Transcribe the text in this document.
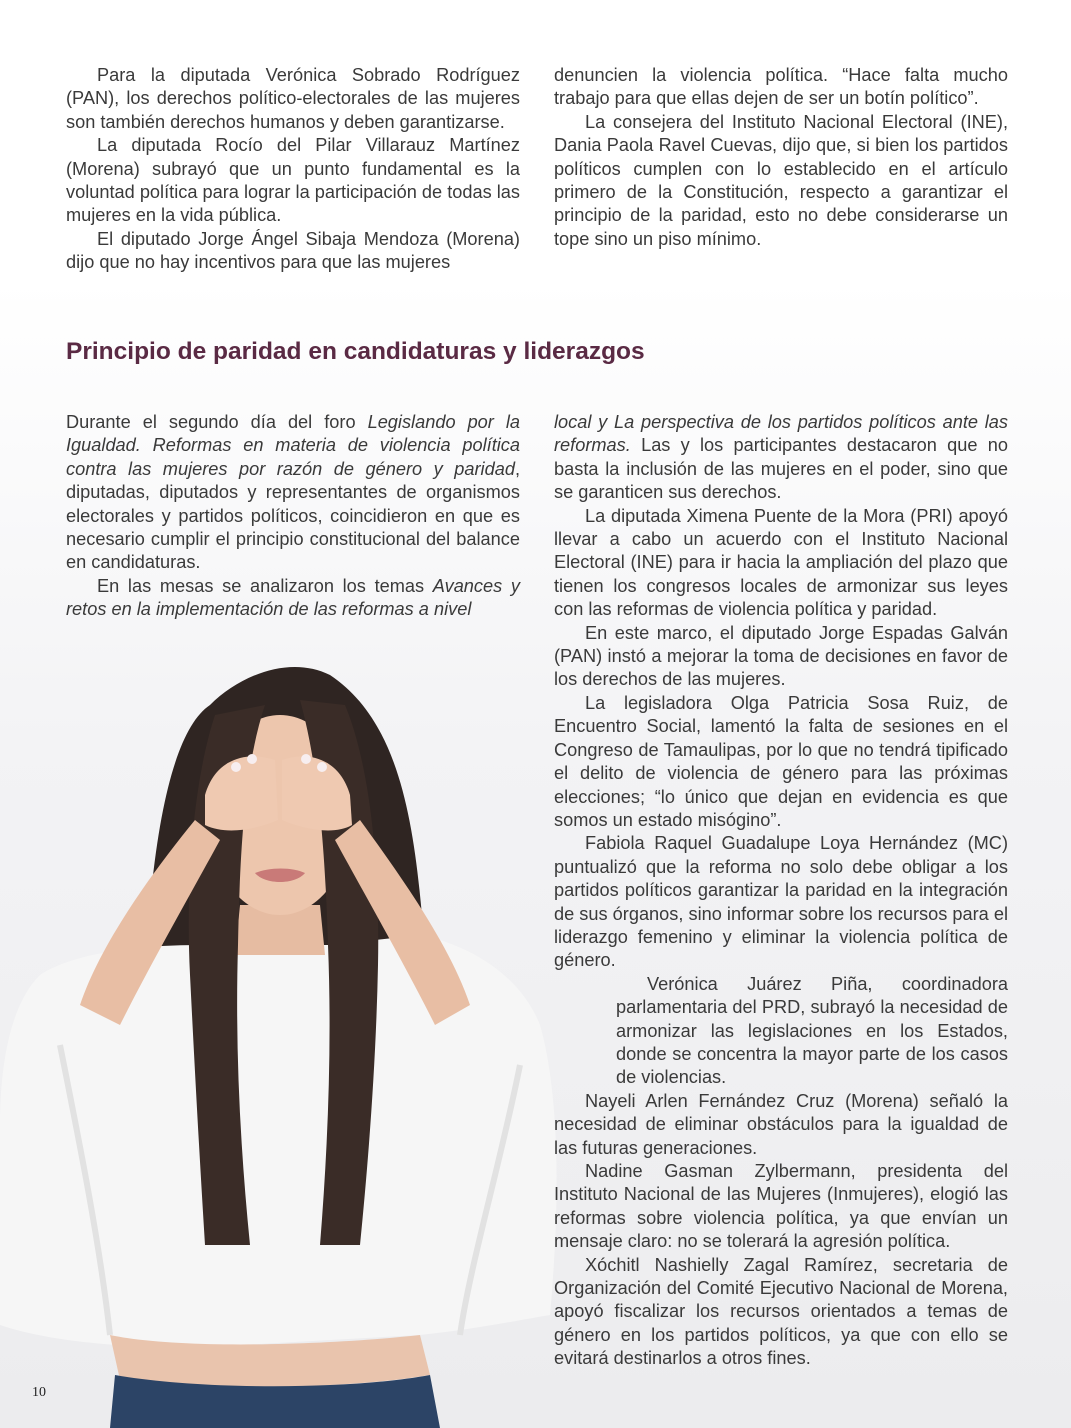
Para la diputada Verónica Sobrado Rodríguez (PAN), los derechos político-electorales de las mujeres son también derechos humanos y deben garantizarse.

La diputada Rocío del Pilar Villarauz Martínez (Morena) subrayó que un punto fundamental es la voluntad política para lograr la participación de todas las mujeres en la vida pública.

El diputado Jorge Ángel Sibaja Mendoza (Morena) dijo que no hay incentivos para que las mujeres

denuncien la violencia política. “Hace falta mucho trabajo para que ellas dejen de ser un botín político”.

La consejera del Instituto Nacional Electoral (INE), Dania Paola Ravel Cuevas, dijo que, si bien los partidos políticos cumplen con lo establecido en el artículo primero de la Constitución, respecto a garantizar el principio de la paridad, esto no debe considerarse un tope sino un piso mínimo.

Principio de paridad en candidaturas y liderazgos

Durante el segundo día del foro Legislando por la Igualdad. Reformas en materia de violencia política contra las mujeres por razón de género y paridad, diputadas, diputados y representantes de organismos electorales y partidos políticos, coincidieron en que es necesario cumplir el principio constitucional del balance en candidaturas.

En las mesas se analizaron los temas Avances y retos en la implementación de las reformas a nivel

local y La perspectiva de los partidos políticos ante las reformas. Las y los participantes destacaron que no basta la inclusión de las mujeres en el poder, sino que se garanticen sus derechos.

La diputada Ximena Puente de la Mora (PRI) apoyó llevar a cabo un acuerdo con el Instituto Nacional Electoral (INE) para ir hacia la ampliación del plazo que tienen los congresos locales de armonizar sus leyes con las reformas de violencia política y paridad.

En este marco, el diputado Jorge Espadas Galván (PAN) instó a mejorar la toma de decisiones en favor de los derechos de las mujeres.

La legisladora Olga Patricia Sosa Ruiz, de Encuentro Social, lamentó la falta de sesiones en el Congreso de Tamaulipas, por lo que no tendrá tipificado el delito de violencia de género para las próximas elecciones; “lo único que dejan en evidencia es que somos un estado misógino”.

Fabiola Raquel Guadalupe Loya Hernández (MC) puntualizó que la reforma no solo debe obligar a los partidos políticos garantizar la paridad en la integración de sus órganos, sino informar sobre los recursos para el liderazgo femenino y eliminar la violencia política de género.

Verónica Juárez Piña, coordinadora parlamentaria del PRD, subrayó la necesidad de armonizar las legislaciones en los Estados, donde se concentra la mayor parte de los casos de violencias.

Nayeli Arlen Fernández Cruz (Morena) señaló la necesidad de eliminar obstáculos para la igualdad de las futuras generaciones.

Nadine Gasman Zylbermann, presidenta del Instituto Nacional de las Mujeres (Inmujeres), elogió las reformas sobre violencia política, ya que envían un mensaje claro: no se tolerará la agresión política.

Xóchitl Nashielly Zagal Ramírez, secretaria de Organización del Comité Ejecutivo Nacional de Morena, apoyó fiscalizar los recursos orientados a temas de género en los partidos políticos, ya que con ello se evitará destinarlos a otros fines.

10
